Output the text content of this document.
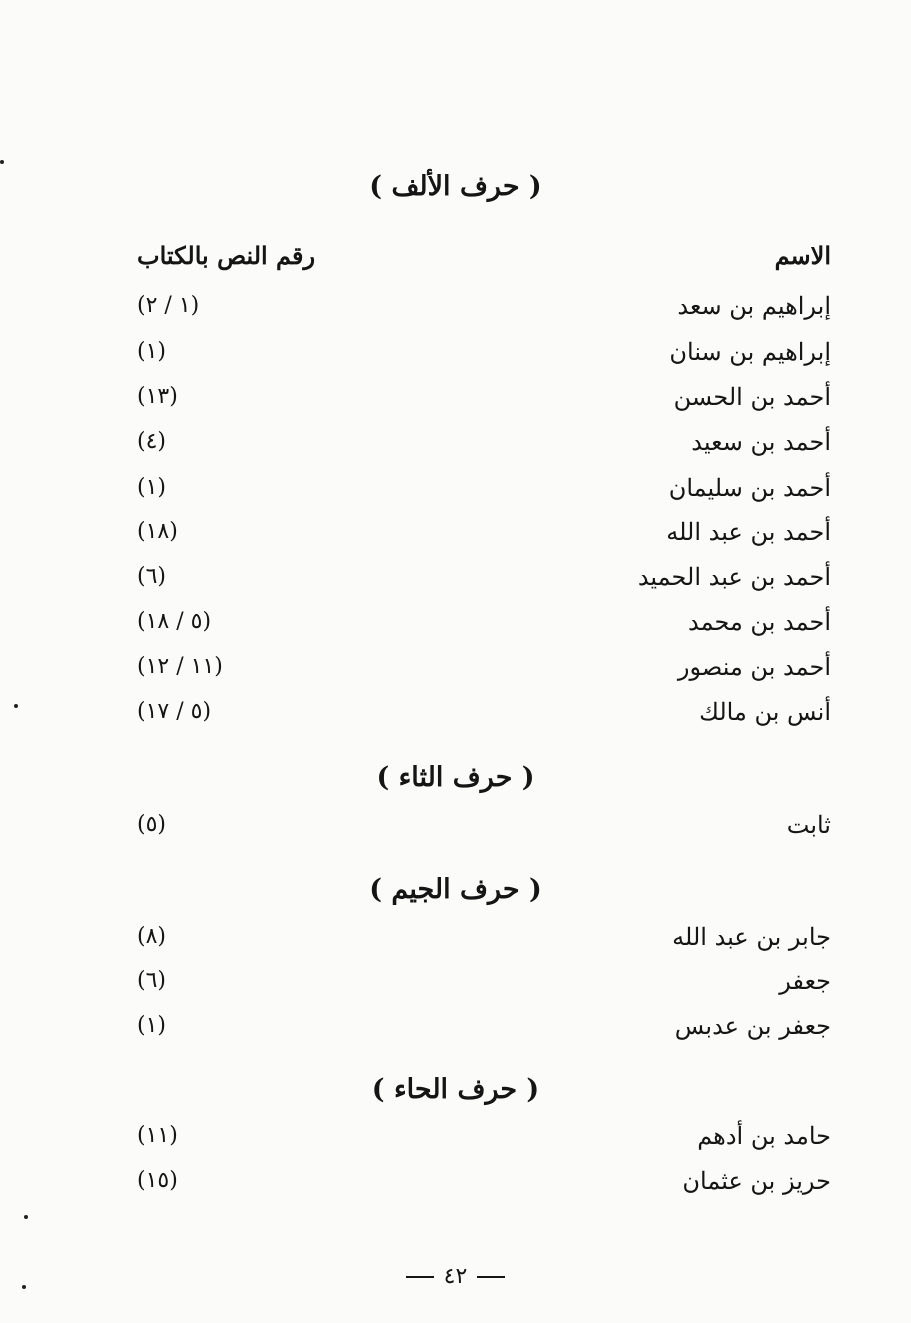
( حرف الألف )
الاسم
رقم النص بالكتاب
إبراهيم بن سعد
(١ / ٢)
إبراهيم بن سنان
(١)
أحمد بن الحسن
(١٣)
أحمد بن سعيد
(٤)
أحمد بن سليمان
(١)
أحمد بن عبد الله
(١٨)
أحمد بن عبد الحميد
(٦)
أحمد بن محمد
(٥ / ١٨)
أحمد بن منصور
(١١ / ١٢)
أنس بن مالك
(٥ / ١٧)
( حرف الثاء )
ثابت
(٥)
( حرف الجيم )
جابر بن عبد الله
(٨)
جعفر
(٦)
جعفر بن عدبس
(١)
( حرف الحاء )
حامد بن أدهم
(١١)
حريز بن عثمان
(١٥)
٤٢
